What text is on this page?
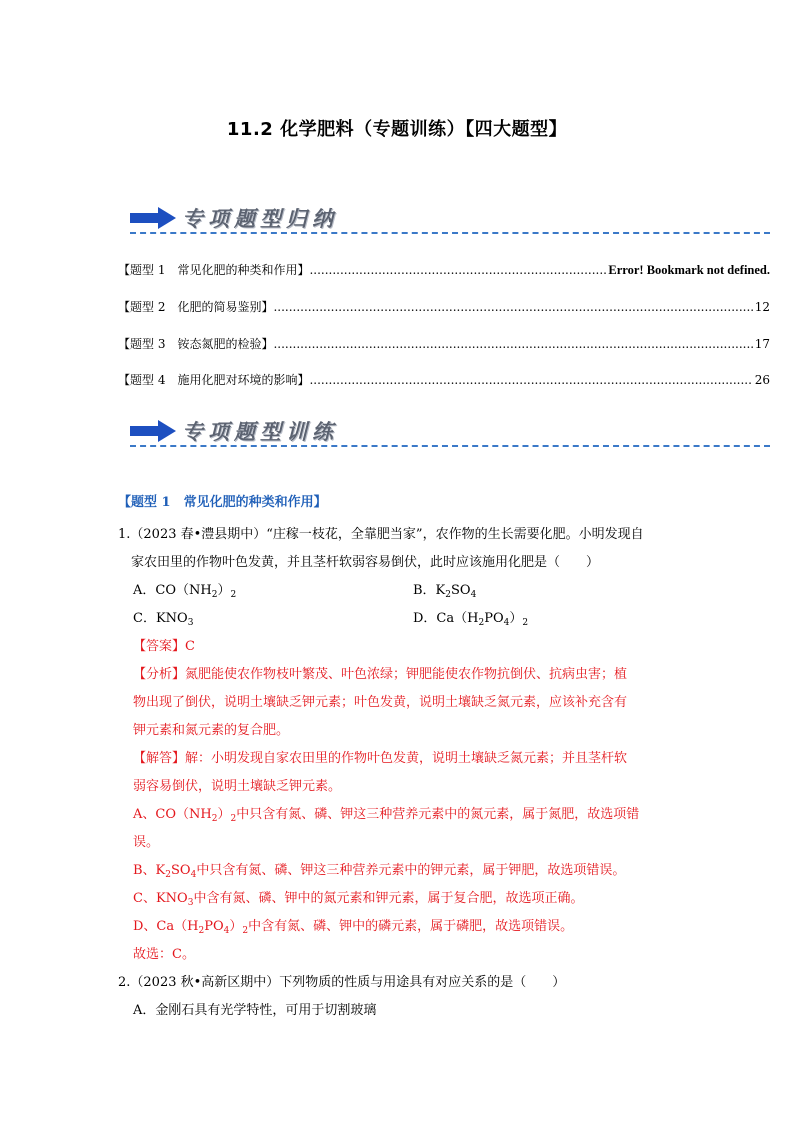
11.2 化学肥料（专题训练）【四大题型】
专项题型归纳
【题型 1　常见化肥的种类和作用】 .....	Error! Bookmark not defined.
【题型 2　化肥的简易鉴别】 .....	12
【题型 3　铵态氮肥的检验】 .....	17
【题型 4　施用化肥对环境的影响】 .....	26
专项题型训练
【题型 1　常见化肥的种类和作用】
1.（2023 春•澧县期中）“庄稼一枝花，全靠肥当家”，农作物的生长需要化肥。小明发现自
家农田里的作物叶色发黄，并且茎杆软弱容易倒伏，此时应该施用化肥是（　　）
A．$CO(NH_2)_2$	B．$K_2SO_4$
C．$KNO_3$	D．$Ca(H_2PO_4)_2$
【答案】C
【分析】氮肥能使农作物枝叶繁茂、叶色浓绿；钾肥能使农作物抗倒伏、抗病虫害；植
物出现了倒伏，说明土壤缺乏钾元素；叶色发黄，说明土壤缺乏氮元素，应该补充含有
钾元素和氮元素的复合肥。
【解答】解：小明发现自家农田里的作物叶色发黄，说明土壤缺乏氮元素；并且茎杆软
弱容易倒伏，说明土壤缺乏钾元素。
A、$CO(NH_2)_2$中只含有氮、磷、钾这三种营养元素中的氮元素，属于氮肥，故选项错
误。
B、$K_2SO_4$中只含有氮、磷、钾这三种营养元素中的钾元素，属于钾肥，故选项错误。
C、$KNO_3$中含有氮、磷、钾中的氮元素和钾元素，属于复合肥，故选项正确。
D、$Ca(H_2PO_4)_2$中含有氮、磷、钾中的磷元素，属于磷肥，故选项错误。
故选：C。
2.（2023 秋•高新区期中）下列物质的性质与用途具有对应关系的是（　　）
A．金刚石具有光学特性，可用于切割玻璃
